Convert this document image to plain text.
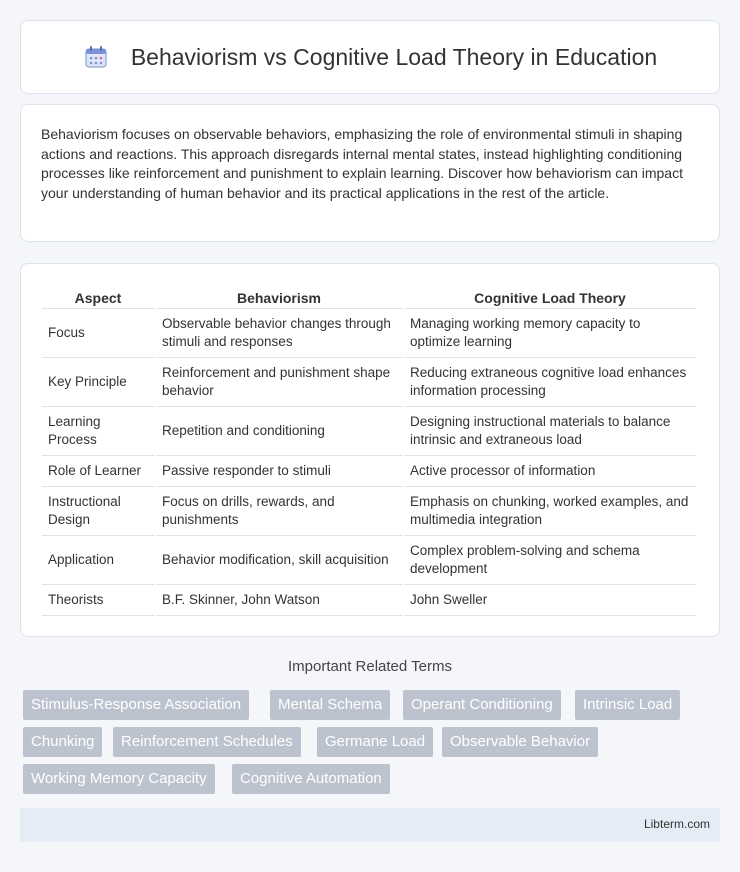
Behaviorism vs Cognitive Load Theory in Education

Behaviorism focuses on observable behaviors, emphasizing the role of environmental stimuli in shaping actions and reactions. This approach disregards internal mental states, instead highlighting conditioning processes like reinforcement and punishment to explain learning. Discover how behaviorism can impact your understanding of human behavior and its practical applications in the rest of the article.

Aspect	Behaviorism	Cognitive Load Theory
Focus	Observable behavior changes through stimuli and responses	Managing working memory capacity to optimize learning
Key Principle	Reinforcement and punishment shape behavior	Reducing extraneous cognitive load enhances information processing
Learning Process	Repetition and conditioning	Designing instructional materials to balance intrinsic and extraneous load
Role of Learner	Passive responder to stimuli	Active processor of information
Instructional Design	Focus on drills, rewards, and punishments	Emphasis on chunking, worked examples, and multimedia integration
Application	Behavior modification, skill acquisition	Complex problem-solving and schema development
Theorists	B.F. Skinner, John Watson	John Sweller
Important Related Terms
Stimulus-Response Association	Mental Schema	Operant Conditioning	Intrinsic Load
Chunking	Reinforcement Schedules	Germane Load	Observable Behavior
Working Memory Capacity	Cognitive Automation
Libterm.com
